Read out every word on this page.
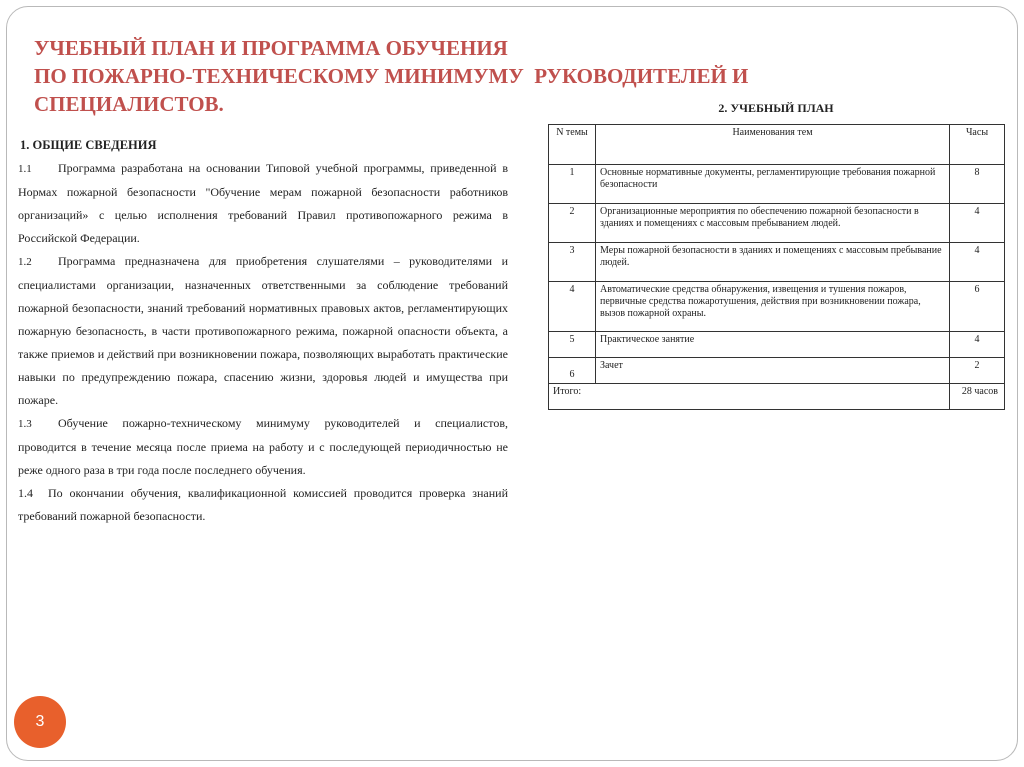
УЧЕБНЫЙ ПЛАН И ПРОГРАММА ОБУЧЕНИЯ
ПО ПОЖАРНО-ТЕХНИЧЕСКОМУ МИНИМУМУ  РУКОВОДИТЕЛЕЙ И
СПЕЦИАЛИСТОВ.
1. ОБЩИЕ СВЕДЕНИЯ
1.1 Программа разработана на основании Типовой учебной программы, приведенной в Нормах пожарной безопасности "Обучение мерам пожарной безопасности работников организаций» с целью исполнения требований Правил противопожарного режима в Российской Федерации.
1.2 Программа предназначена для приобретения слушателями – руководителями и специалистами организации, назначенных ответственными за соблюдение требований пожарной безопасности, знаний требований нормативных правовых актов, регламентирующих пожарную безопасность, в части противопожарного режима, пожарной опасности объекта, а также приемов и действий при возникновении пожара, позволяющих выработать практические навыки по предупреждению пожара, спасению жизни, здоровья людей и имущества при пожаре.
1.3 Обучение пожарно-техническому минимуму руководителей и специалистов, проводится в течение месяца после приема на работу и с последующей периодичностью не реже одного раза в три года после последнего обучения.
1.4 По окончании обучения, квалификационной комиссией проводится проверка знаний требований пожарной безопасности.
2. УЧЕБНЫЙ ПЛАН
N темы	Наименования тем	Часы
1	Основные нормативные документы, регламентирующие требования пожарной безопасности	8
2	Организационные мероприятия по обеспечению пожарной безопасности в зданиях и помещениях с массовым пребыванием людей.	4
3	Меры пожарной безопасности в зданиях и помещениях с массовым пребывание людей.	4
4	Автоматические средства обнаружения, извещения и тушения пожаров, первичные средства пожаротушения, действия при возникновении пожара, вызов пожарной охраны.	6
5	Практическое занятие	4
6	Зачет	2
Итого:		28 часов
3
